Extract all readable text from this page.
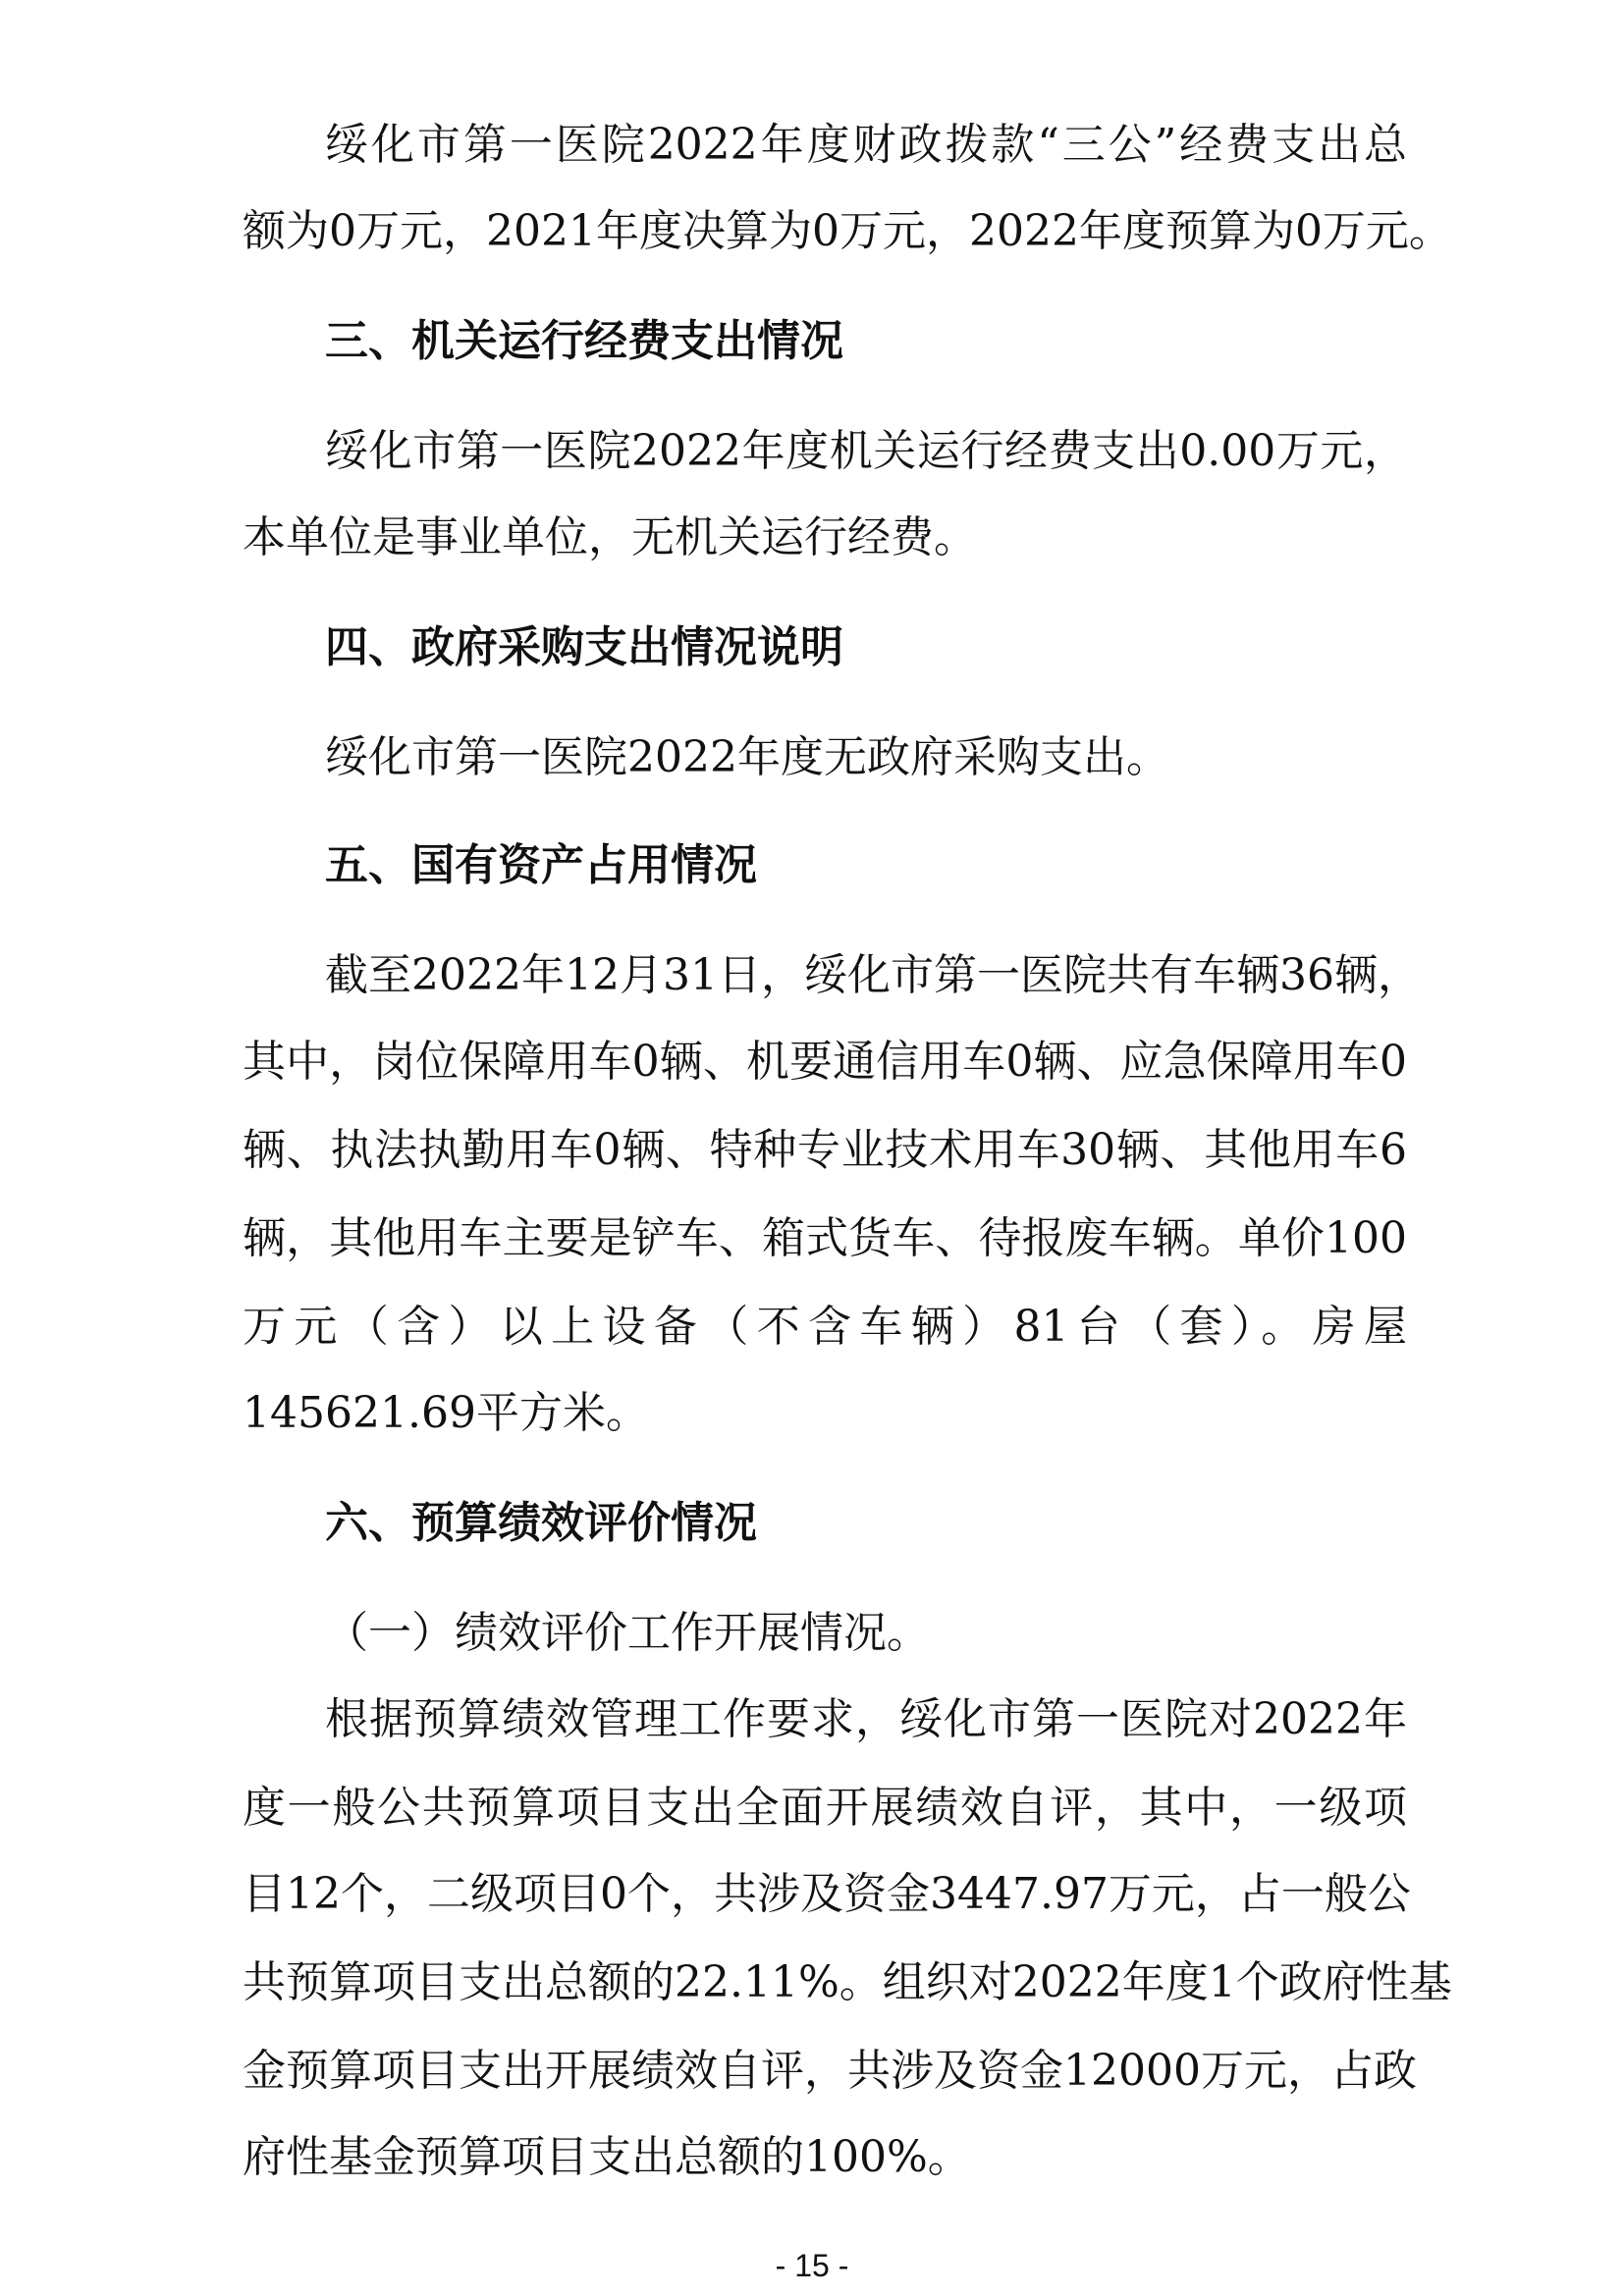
绥化市第一医院2022年度财政拨款“三公”经费支出总
额为0万元，2021年度决算为0万元，2022年度预算为0万元。
三、机关运行经费支出情况
绥化市第一医院2022年度机关运行经费支出0.00万元，
本单位是事业单位，无机关运行经费。
四、政府采购支出情况说明
绥化市第一医院2022年度无政府采购支出。
五、国有资产占用情况
截至2022年12月31日，绥化市第一医院共有车辆36辆，
其中，岗位保障用车0辆、机要通信用车0辆、应急保障用车0
辆、执法执勤用车0辆、特种专业技术用车30辆、其他用车6
辆，其他用车主要是铲车、箱式货车、待报废车辆。单价100
万元（含）以上设备（不含车辆）81台（套）。房屋
145621.69平方米。
六、预算绩效评价情况
（一）绩效评价工作开展情况。
根据预算绩效管理工作要求，绥化市第一医院对2022年
度一般公共预算项目支出全面开展绩效自评，其中，一级项
目12个，二级项目0个，共涉及资金3447.97万元，占一般公
共预算项目支出总额的22.11%。组织对2022年度1个政府性基
金预算项目支出开展绩效自评，共涉及资金12000万元，占政
府性基金预算项目支出总额的100%。
- 15 -
